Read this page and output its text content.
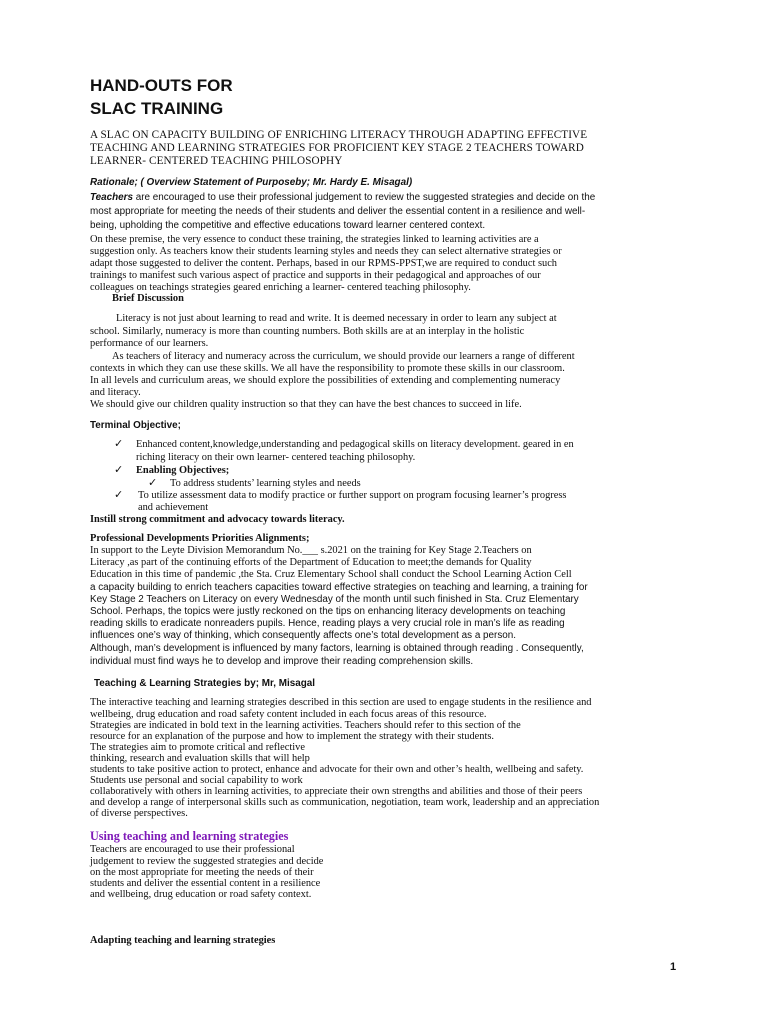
HAND-OUTS FOR

SLAC TRAINING

A SLAC ON CAPACITY BUILDING OF ENRICHING LITERACY THROUGH ADAPTING EFFECTIVE

TEACHING AND LEARNING STRATEGIES FOR PROFICIENT KEY STAGE 2 TEACHERS TOWARD

LEARNER- CENTERED TEACHING PHILOSOPHY

Rationale; ( Overview Statement of Purposeby; Mr. Hardy E. Misagal)

Teachers are encouraged to use their professional judgement to review the suggested strategies and decide on the

most appropriate for meeting the needs of their students and deliver the essential content in a resilience and well-

being, upholding the competitive and effective educations toward learner centered context.

On these premise, the very essence to conduct these training, the strategies linked to learning activities are a

suggestion only. As teachers know their students learning styles and needs they can select alternative strategies or

adapt those suggested to deliver the content. Perhaps, based in our RPMS-PPST,we are required to conduct such

trainings to manifest such various aspect of practice and supports in their pedagogical and approaches of our

colleagues on teachings strategies geared enriching a learner- centered teaching philosophy.

Brief Discussion

Literacy is not just about learning to read and write. It is deemed necessary in order to learn any subject at

school. Similarly, numeracy is more than counting numbers. Both skills are at an interplay in the holistic

performance of our learners.

As teachers of literacy and numeracy across the curriculum, we should provide our learners a range of different

contexts in which they can use these skills. We all have the responsibility to promote these skills in our classroom.

In all levels and curriculum areas, we should explore the possibilities of extending and complementing numeracy

and literacy.

We should give our children quality instruction so that they can have the best chances to succeed in life.

Terminal Objective;

✓ Enhanced content,knowledge,understanding and pedagogical skills on literacy development. geared in en

riching literacy on their own learner- centered teaching philosophy.

✓ Enabling Objectives;

✓ To address students’ learning styles and needs

✓ To utilize assessment data to modify practice or further support on program focusing learner’s progress

and achievement

Instill strong commitment and advocacy towards literacy.

Professional Developments Priorities Alignments;

In support to the Leyte Division Memorandum No.___ s.2021 on the training for Key Stage 2.Teachers on

Literacy ,as part of the continuing efforts of the Department of Education to meet;the demands for Quality

Education in this time of pandemic ,the Sta. Cruz Elementary School shall conduct the School Learning Action Cell

a capacity building to enrich teachers capacities toward effective strategies on teaching and learning, a training for

Key Stage 2 Teachers on Literacy on every Wednesday of the month until such finished in Sta. Cruz Elementary

School. Perhaps, the topics were justly reckoned on the tips on enhancing literacy developments on teaching

reading skills to eradicate nonreaders pupils. Hence, reading plays a very crucial role in man’s life as reading

influences one’s way of thinking, which consequently affects one’s total development as a person.

Although, man’s development is influenced by many factors, learning is obtained through reading . Consequently,

individual must find ways he to develop and improve their reading comprehension skills.

Teaching & Learning Strategies by; Mr, Misagal

The interactive teaching and learning strategies described in this section are used to engage students in the resilience and

wellbeing, drug education and road safety content included in each focus areas of this resource.

Strategies are indicated in bold text in the learning activities. Teachers should refer to this section of the

resource for an explanation of the purpose and how to implement the strategy with their students.

The strategies aim to promote critical and reflective

thinking, research and evaluation skills that will help

students to take positive action to protect, enhance and advocate for their own and other’s health, wellbeing and safety.

Students use personal and social capability to work

collaboratively with others in learning activities, to appreciate their own strengths and abilities and those of their peers

and develop a range of interpersonal skills such as communication, negotiation, team work, leadership and an appreciation

of diverse perspectives.

Using teaching and learning strategies

Teachers are encouraged to use their professional

judgement to review the suggested strategies and decide

on the most appropriate for meeting the needs of their

students and deliver the essential content in a resilience

and wellbeing, drug education or road safety context.

Adapting teaching and learning strategies

1
